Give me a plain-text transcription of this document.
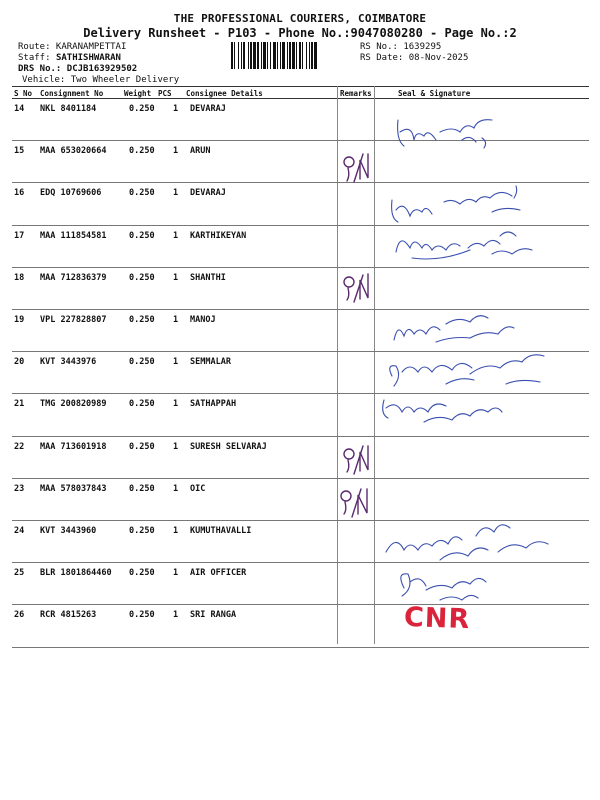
THE PROFESSIONAL COURIERS, COIMBATORE
Delivery Runsheet - P103 - Phone No.:9047080280 - Page No.:2
Route: KARANAMPETTAI
Staff: SATHISHWARAN
DRS No.: DCJB163929502
Vehicle: Two Wheeler Delivery
RS No.: 1639295
RS Date: 08-Nov-2025
S No Consignment No	Weight PCS Consignee Details	Remarks	Seal & Signature
14 NKL 8401184	0.250 1 DEVARAJ
15 MAA 653020664	0.250 1 ARUN
16 EDQ 10769606	0.250 1 DEVARAJ
17 MAA 111854581	0.250 1 KARTHIKEYAN
18 MAA 712836379	0.250 1 SHANTHI
19 VPL 227828807	0.250 1 MANOJ
20 KVT 3443976	0.250 1 SEMMALAR
21 TMG 200820989	0.250 1 SATHAPPAH
22 MAA 713601918	0.250 1 SURESH SELVARAJ
23 MAA 578037843	0.250 1 OIC
24 KVT 3443960	0.250 1 KUMUTHAVALLI
25 BLR 1801864460 0.250 1 AIR OFFICER
26 RCR 4815263	0.250 1 SRI RANGA	CNR
